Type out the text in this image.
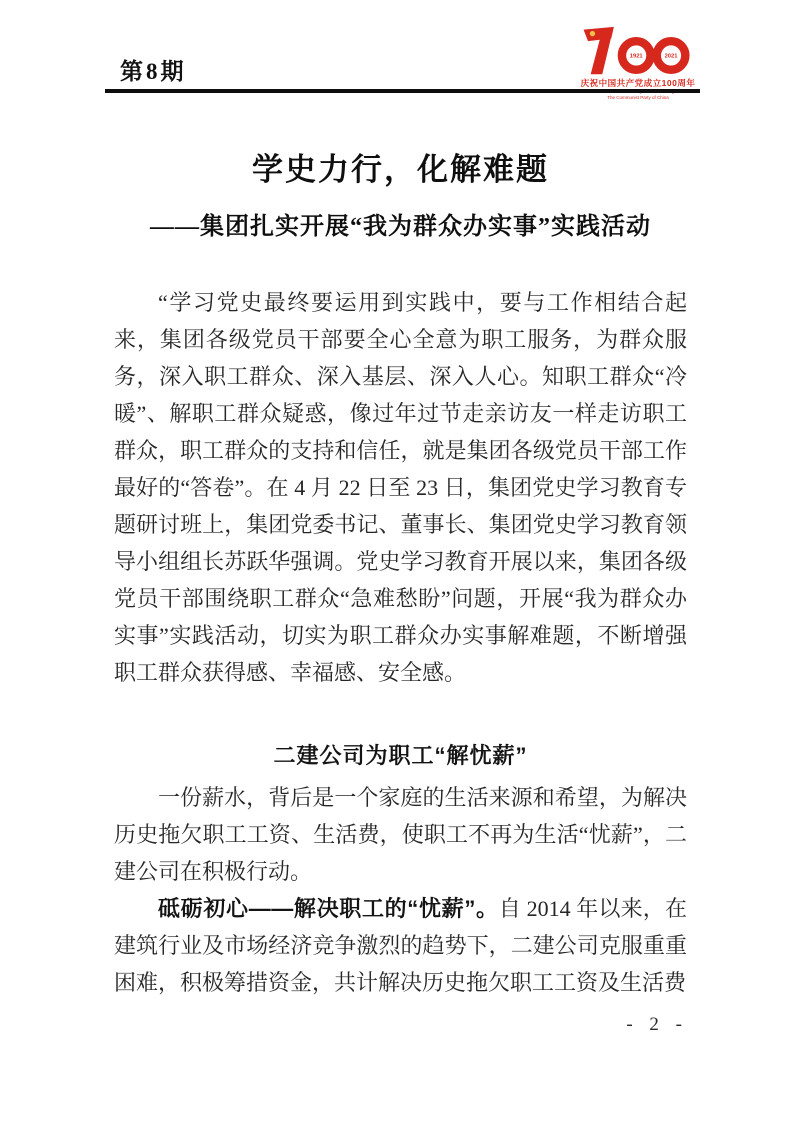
第8期
1921	2021
庆祝中国共产党成立100周年
The 100th Anniversary of the Founding of
The Communist Party of China
学史力行，化解难题
——集团扎实开展“我为群众办实事”实践活动

“学习党史最终要运用到实践中，要与工作相结合起来，集团各级党员干部要全心全意为职工服务，为群众服务，深入职工群众、深入基层、深入人心。知职工群众“冷暖”、解职工群众疑惑，像过年过节走亲访友一样走访职工群众，职工群众的支持和信任，就是集团各级党员干部工作最好的“答卷”。在 4 月 22 日至 23 日，集团党史学习教育专题研讨班上，集团党委书记、董事长、集团党史学习教育领导小组组长苏跃华强调。党史学习教育开展以来，集团各级党员干部围绕职工群众“急难愁盼”问题，开展“我为群众办实事”实践活动，切实为职工群众办实事解难题，不断增强职工群众获得感、幸福感、安全感。

二建公司为职工“解忧薪”

一份薪水，背后是一个家庭的生活来源和希望，为解决历史拖欠职工工资、生活费，使职工不再为生活“忧薪”，二建公司在积极行动。

砥砺初心——解决职工的“忧薪”。自 2014 年以来，在建筑行业及市场经济竞争激烈的趋势下，二建公司克服重重困难，积极筹措资金，共计解决历史拖欠职工工资及生活费

- 2 -
